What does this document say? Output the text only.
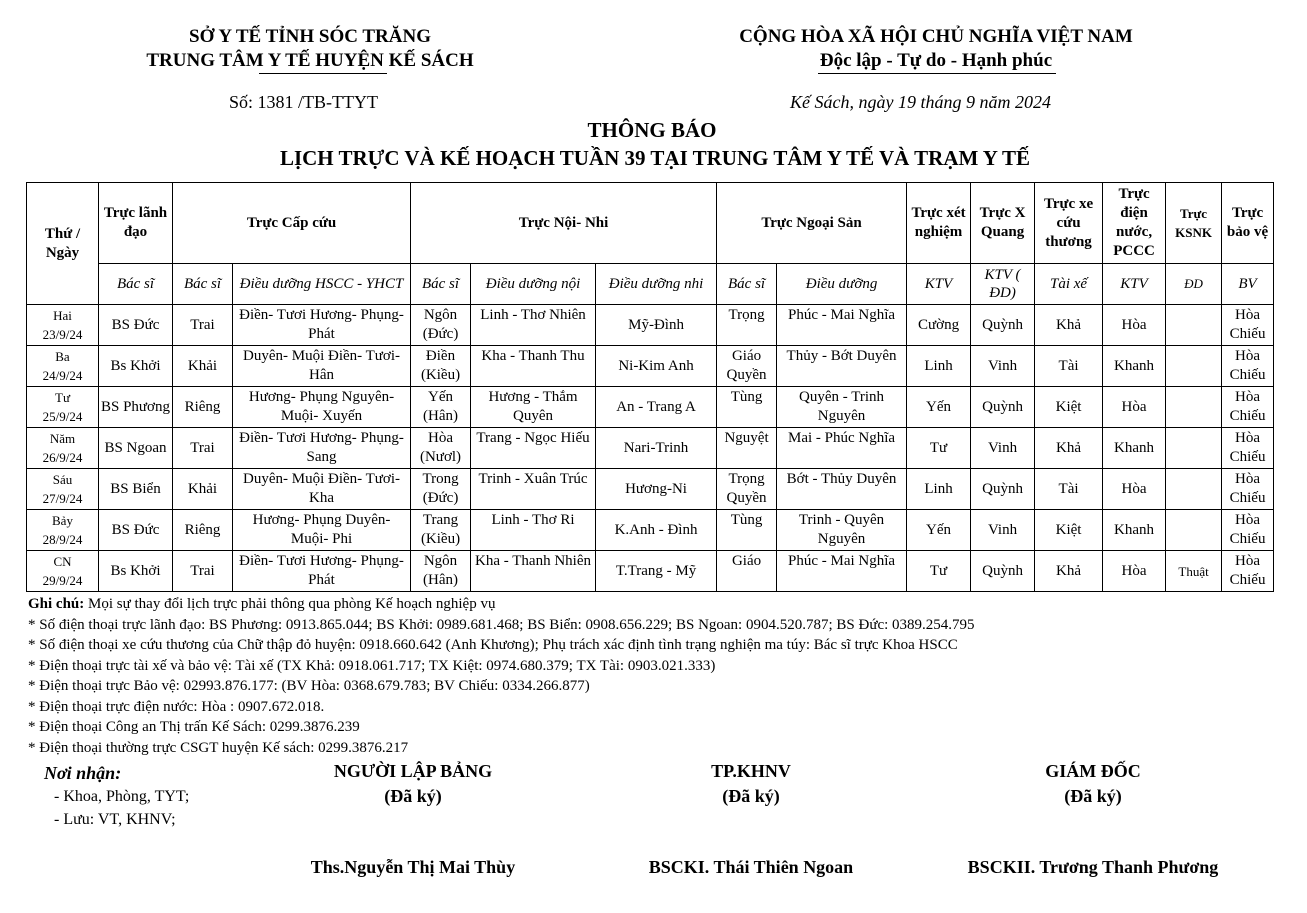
SỞ Y TẾ TỈNH SÓC TRĂNG
TRUNG TÂM Y TẾ HUYỆN KẾ SÁCH
Số: 1381 /TB-TTYT
CỘNG HÒA XÃ HỘI CHỦ NGHĨA VIỆT NAM
Độc lập - Tự do - Hạnh phúc
Kế Sách, ngày 19 tháng 9 năm 2024
THÔNG BÁO
LỊCH TRỰC VÀ KẾ HOẠCH TUẦN 39 TẠI TRUNG TÂM Y TẾ VÀ TRẠM Y TẾ
Thứ / Ngày	Trực lãnh đạo	Trực Cấp cứu		Trực Nội- Nhi			Trực Ngoại Sản		Trực xét nghiệm	Trực X Quang	Trực xe cứu thương	Trực điện nước, PCCC	Trực KSNK	Trực bảo vệ
	Bác sĩ	Bác sĩ	Điều dưỡng HSCC - YHCT	Bác sĩ	Điều dưỡng nội	Điều dưỡng nhi	Bác sĩ	Điều dưỡng	KTV	KTV ( ĐD)	Tài xế	KTV	ĐD	BV

Hai
23/9/24	BS Đức	Trai	Điền- Tươi Hương- Phụng- Phát	Ngôn (Đức)	Linh - Thơ Nhiên	Mỹ-Đình	Trọng	Phúc - Mai Nghĩa	Cường	Quỳnh	Khả	Hòa		Hòa Chiếu

Ba
24/9/24	Bs Khởi	Khải	Duyên- Muội Điền- Tươi- Hân	Điền (Kiều)	Kha - Thanh Thu	Ni-Kim Anh	Giáo Quyền	Thủy - Bớt Duyên	Linh	Vinh	Tài	Khanh		Hòa Chiếu

Tư
25/9/24	BS Phương	Riêng	Hương- Phụng Nguyên- Muội- Xuyến	Yến (Hân)	Hương - Thắm Quyên	An - Trang A	Tùng	Quyên - Trinh Nguyên	Yến	Quỳnh	Kiệt	Hòa		Hòa Chiếu

Năm
26/9/24	BS Ngoan	Trai	Điền- Tươi Hương- Phụng- Sang	Hòa (Nươl)	Trang - Ngọc Hiếu	Nari-Trinh	Nguyệt	Mai - Phúc Nghĩa	Tư	Vinh	Khả	Khanh		Hòa Chiếu

Sáu
27/9/24	BS Biển	Khải	Duyên- Muội Điền- Tươi- Kha	Trong (Đức)	Trinh - Xuân Trúc	Hương-Ni	Trọng Quyền	Bớt - Thủy Duyên	Linh	Quỳnh	Tài	Hòa		Hòa Chiếu

Bảy
28/9/24	BS Đức	Riêng	Hương- Phụng Duyên- Muội- Phi	Trang (Kiều)	Linh - Thơ Ri	K.Anh - Đình	Tùng	Trinh - Quyên Nguyên	Yến	Vinh	Kiệt	Khanh		Hòa Chiếu

CN
29/9/24	Bs Khởi	Trai	Điền- Tươi Hương- Phụng- Phát	Ngôn (Hân)	Kha - Thanh Nhiên	T.Trang - Mỹ	Giáo	Phúc - Mai Nghĩa	Tư	Quỳnh	Khả	Hòa	Thuật	Hòa Chiếu
Ghi chú: Mọi sự thay đổi lịch trực phải thông qua phòng Kế hoạch nghiệp vụ
* Số điện thoại trực lãnh đạo: BS Phương: 0913.865.044; BS Khởi: 0989.681.468; BS Biển: 0908.656.229; BS Ngoan: 0904.520.787; BS Đức: 0389.254.795
* Số điện thoại xe cứu thương của Chữ thập đỏ huyện: 0918.660.642 (Anh Khương); Phụ trách xác định tình trạng nghiện ma túy: Bác sĩ trực Khoa HSCC
* Điện thoại trực tài xế và bảo vệ: Tài xế (TX Khả: 0918.061.717; TX Kiệt: 0974.680.379; TX Tài: 0903.021.333)
* Điện thoại trực Bảo vệ: 02993.876.177: (BV Hòa: 0368.679.783; BV Chiếu: 0334.266.877)
* Điện thoại trực điện nước: Hòa : 0907.672.018.
* Điện thoại Công an Thị trấn Kế Sách: 0299.3876.239
* Điện thoại thường trực CSGT huyện Kế sách: 0299.3876.217
Nơi nhận:
- Khoa, Phòng, TYT;
- Lưu: VT, KHNV;
NGƯỜI LẬP BẢNG
(Đã ký)
Ths.Nguyễn Thị Mai Thùy
TP.KHNV
(Đã ký)
BSCKI. Thái Thiên Ngoan
GIÁM ĐỐC
(Đã ký)
BSCKII. Trương Thanh Phương
